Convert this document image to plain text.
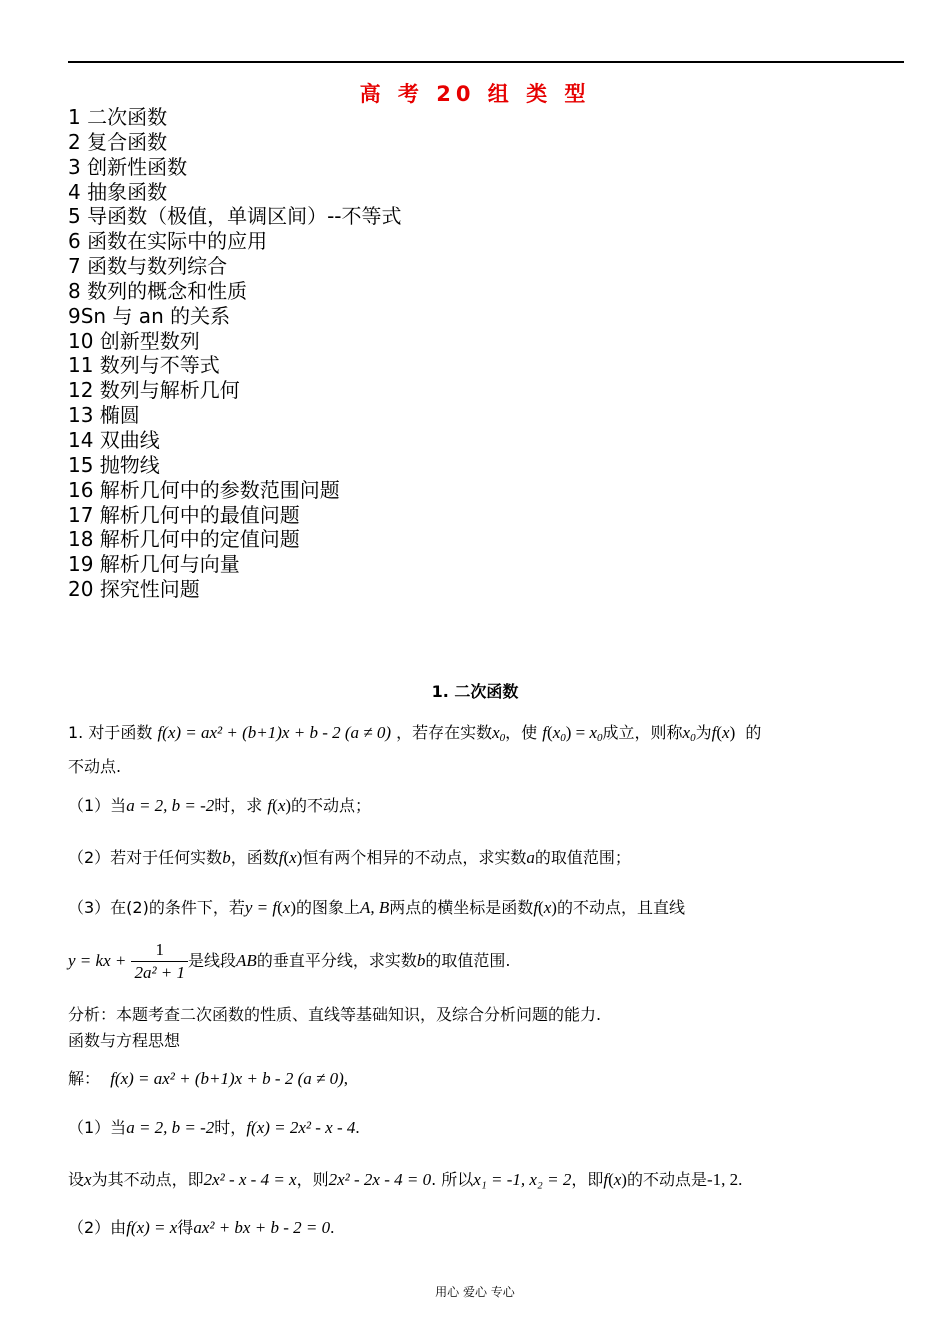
高 考 20 组 类 型
1 二次函数
2 复合函数
3 创新性函数
4 抽象函数
5 导函数（极值，单调区间）--不等式
6 函数在实际中的应用
7 函数与数列综合
8 数列的概念和性质
9Sn 与 an 的关系
10 创新型数列
11 数列与不等式
12 数列与解析几何
13 椭圆
14 双曲线
15 抛物线
16 解析几何中的参数范围问题
17 解析几何中的最值问题
18 解析几何中的定值问题
19 解析几何与向量
20 探究性问题
1. 二次函数
1. 对于函数 f(x) = ax² + (b+1)x + b - 2 (a ≠ 0) ，若存在实数$x_0$，使 $f(x_0) = x_0$成立，则称$x_0$为f(x) 的
不动点.
（1）当a = 2, b = -2时，求 f(x)的不动点；
（2）若对于任何实数b，函数f(x)恒有两个相异的不动点，求实数a的取值范围；
（3）在(2)的条件下，若y = f(x)的图象上A, B两点的横坐标是函数f(x)的不动点，且直线
y = kx + $\frac{1}{\text{2a² + 1}}$ 是线段AB的垂直平分线，求实数b的取值范围.
分析：本题考查二次函数的性质、直线等基础知识，及综合分析问题的能力.
函数与方程思想
解： f(x) = ax² + (b+1)x + b - 2 (a ≠ 0),
（1）当a = 2, b = -2时，f(x) = 2x² - x - 4.
设x为其不动点，即2x² - x - 4 = x，则2x² - 2x - 4 = 0. 所以x₁ = -1, x₂ = 2，即f(x)的不动点是-1, 2.
（2）由f(x) = x得ax² + bx + b - 2 = 0.
用心 爱心 专心
